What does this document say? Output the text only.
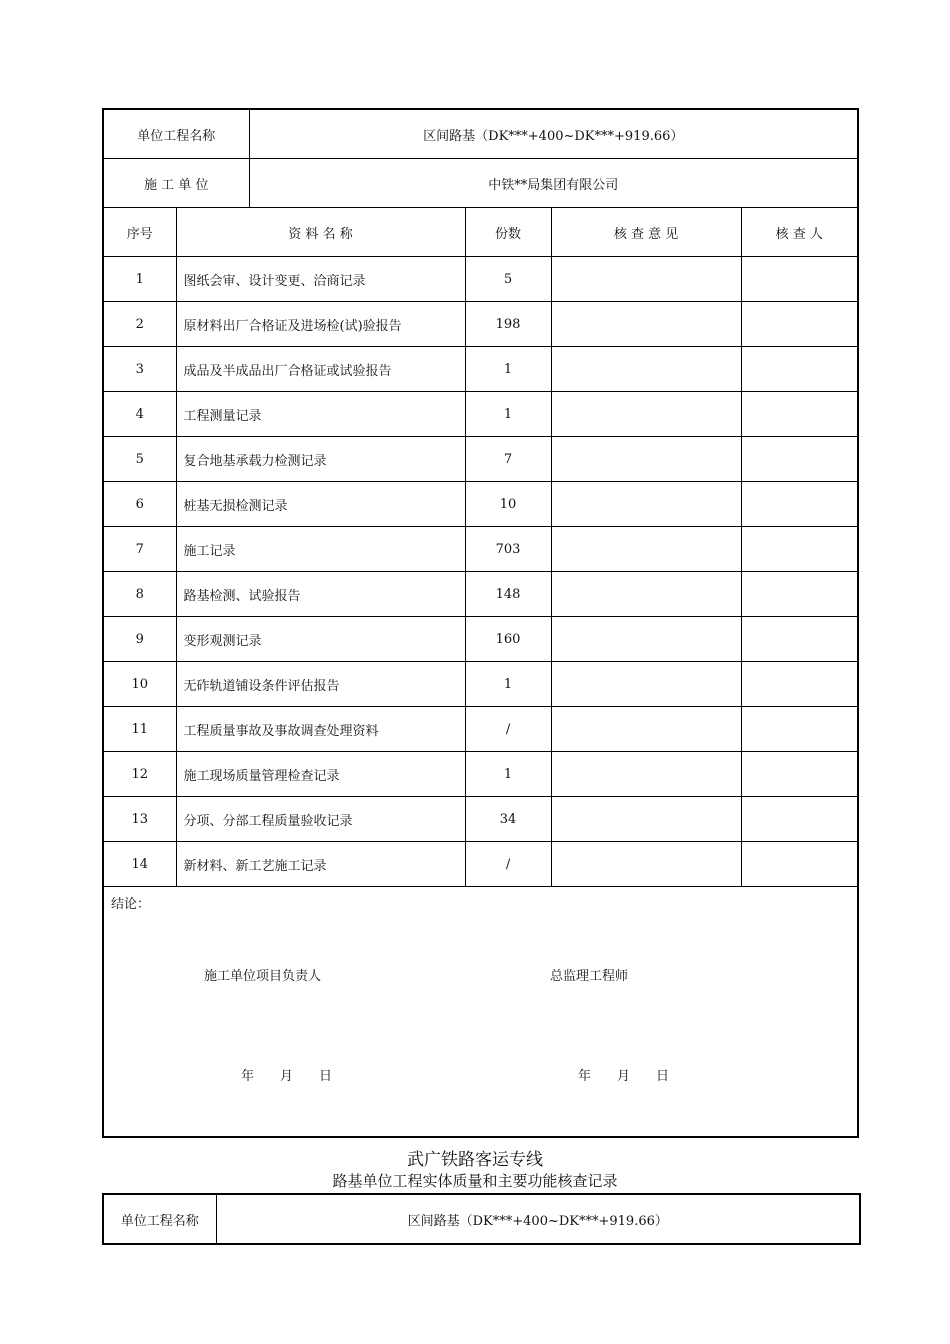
单位工程名称		区间路基（DK***+400~DK***+919.66）			
施 工 单 位		中铁**局集团有限公司			
序号	资 料 名 称		份数	核 查 意 见	核 查 人
1	图纸会审、设计变更、洽商记录		5		
2	原材料出厂合格证及进场检(试)验报告		198		
3	成品及半成品出厂合格证或试验报告		1		
4	工程测量记录		1		
5	复合地基承载力检测记录		7		
6	桩基无损检测记录		10		
7	施工记录		703		
8	路基检测、试验报告		148		
9	变形观测记录		160		
10	无砟轨道铺设条件评估报告		1		
11	工程质量事故及事故调查处理资料		/		
12	施工现场质量管理检查记录		1		
13	分项、分部工程质量验收记录		34		
14	新材料、新工艺施工记录		/		

结论：
施工单位项目负责人 总监理工程师
年　　月　　日 年　　月　　日					
武广铁路客运专线
路基单位工程实体质量和主要功能核查记录
单位工程名称	区间路基（DK***+400~DK***+919.66）
